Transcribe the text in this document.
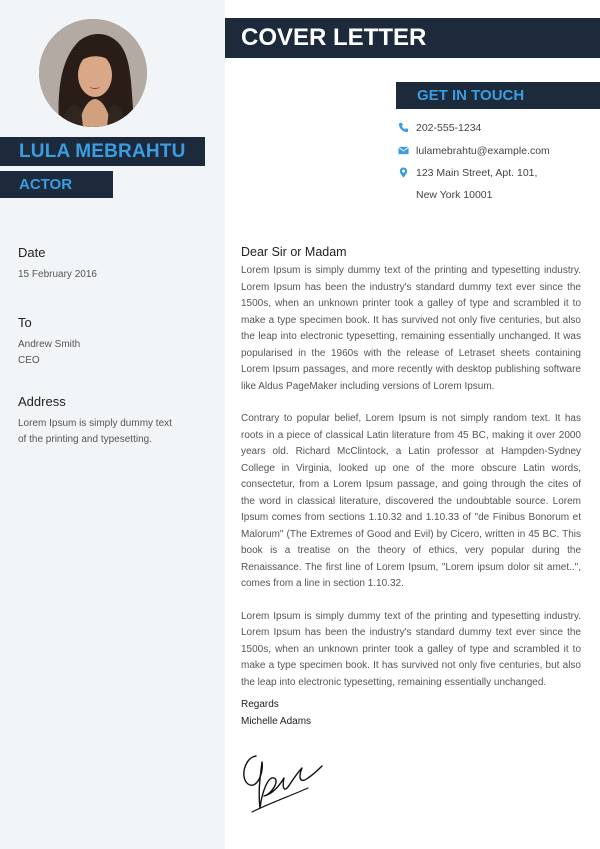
LULA MEBRAHTU
ACTOR
Date
15 February 2016
To
Andrew Smith
CEO
Address
Lorem Ipsum is simply dummy text of the printing and typesetting.
COVER LETTER
GET IN TOUCH
202-555-1234
lulamebrahtu@example.com
123 Main Street, Apt. 101,
New York 10001
Dear Sir or Madam

Lorem Ipsum is simply dummy text of the printing and typesetting industry. Lorem Ipsum has been the industry's standard dummy text ever since the 1500s, when an unknown printer took a galley of type and scrambled it to make a type specimen book. It has survived not only five centuries, but also the leap into electronic typesetting, remaining essentially unchanged. It was popularised in the 1960s with the release of Letraset sheets containing Lorem Ipsum passages, and more recently with desktop publishing software like Aldus PageMaker including versions of Lorem Ipsum.

Contrary to popular belief, Lorem Ipsum is not simply random text. It has roots in a piece of classical Latin literature from 45 BC, making it over 2000 years old. Richard McClintock, a Latin professor at Hampden-Sydney College in Virginia, looked up one of the more obscure Latin words, consectetur, from a Lorem Ipsum passage, and going through the cites of the word in classical literature, discovered the undoubtable source. Lorem Ipsum comes from sections 1.10.32 and 1.10.33 of "de Finibus Bonorum et Malorum" (The Extremes of Good and Evil) by Cicero, written in 45 BC. This book is a treatise on the theory of ethics, very popular during the Renaissance. The first line of Lorem Ipsum, "Lorem ipsum dolor sit amet..", comes from a line in section 1.10.32.

Lorem Ipsum is simply dummy text of the printing and typesetting industry. Lorem Ipsum has been the industry's standard dummy text ever since the 1500s, when an unknown printer took a galley of type and scrambled it to make a type specimen book. It has survived not only five centuries, but also the leap into electronic typesetting, remaining essentially unchanged.

Regards
Michelle Adams
